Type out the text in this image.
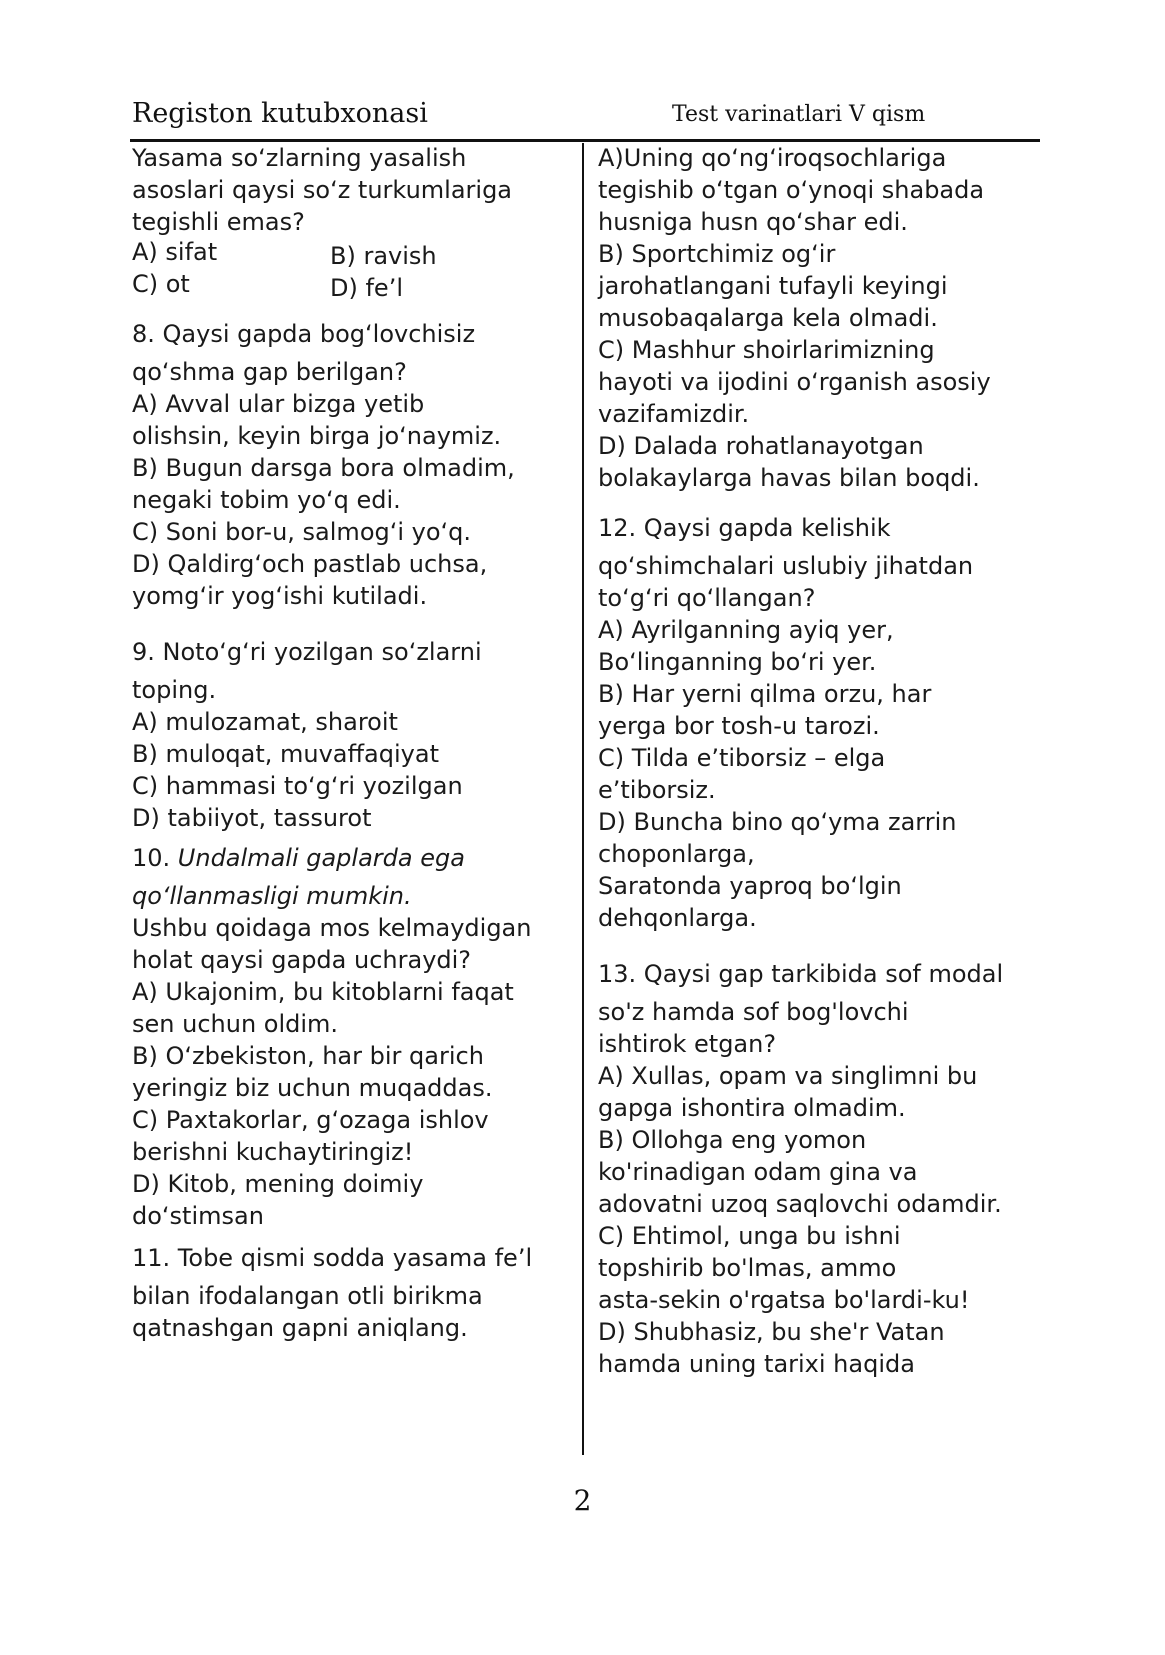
Registon kutubxonasi	Test varinatlari V qism
Yasama so‘zlarning yasalish
asoslari qaysi so‘z turkumlariga
tegishli emas?
A) sifat	B) ravish
C) ot	D) fe’l
8. Qaysi gapda bog‘lovchisiz
qo‘shma gap berilgan?
A) Avval ular bizga yetib
olishsin, keyin birga jo‘naymiz.
B) Bugun darsga bora olmadim,
negaki tobim yo‘q edi.
C) Soni bor-u, salmog‘i yo‘q.
D) Qaldirg‘och pastlab uchsa,
yomg‘ir yog‘ishi kutiladi.
9. Noto‘g‘ri yozilgan so‘zlarni
toping.
A) mulozamat, sharoit
B) muloqat, muvaffaqiyat
C) hammasi to‘g‘ri yozilgan
D) tabiiyot, tassurot
10. Undalmali gaplarda ega
qo‘llanmasligi mumkin.
Ushbu qoidaga mos kelmaydigan
holat qaysi gapda uchraydi?
A) Ukajonim, bu kitoblarni faqat
sen uchun oldim.
B) O‘zbekiston, har bir qarich
yeringiz biz uchun muqaddas.
C) Paxtakorlar, g‘ozaga ishlov
berishni kuchaytiringiz!
D) Kitob, mening doimiy
do‘stimsan
11. Tobe qismi sodda yasama fe’l
bilan ifodalangan otli birikma
qatnashgan gapni aniqlang.
A)Uning qo‘ng‘iroqsochlariga
tegishib o‘tgan o‘ynoqi shabada
husniga husn qo‘shar edi.
B) Sportchimiz og‘ir
jarohatlangani tufayli keyingi
musobaqalarga kela olmadi.
C) Mashhur shoirlarimizning
hayoti va ijodini o‘rganish asosiy
vazifamizdir.
D) Dalada rohatlanayotgan
bolakaylarga havas bilan boqdi.
12. Qaysi gapda kelishik
qo‘shimchalari uslubiy jihatdan
to‘g‘ri qo‘llangan?
A) Ayrilganning ayiq yer,
Bo‘linganning bo‘ri yer.
B) Har yerni qilma orzu, har
yerga bor tosh-u tarozi.
C) Tilda e’tiborsiz – elga
e’tiborsiz.
D) Buncha bino qo‘yma zarrin
choponlarga,
Saratonda yaproq bo‘lgin
dehqonlarga.
13. Qaysi gap tarkibida sof modal
so'z hamda sof bog'lovchi
ishtirok etgan?
A) Xullas, opam va singlimni bu
gapga ishontira olmadim.
B) Ollohga eng yomon
ko'rinadigan odam gina va
adovatni uzoq saqlovchi odamdir.
C) Ehtimol, unga bu ishni
topshirib bo'lmas, ammo
asta-sekin o'rgatsa bo'lardi-ku!
D) Shubhasiz, bu she'r Vatan
hamda uning tarixi haqida
2
